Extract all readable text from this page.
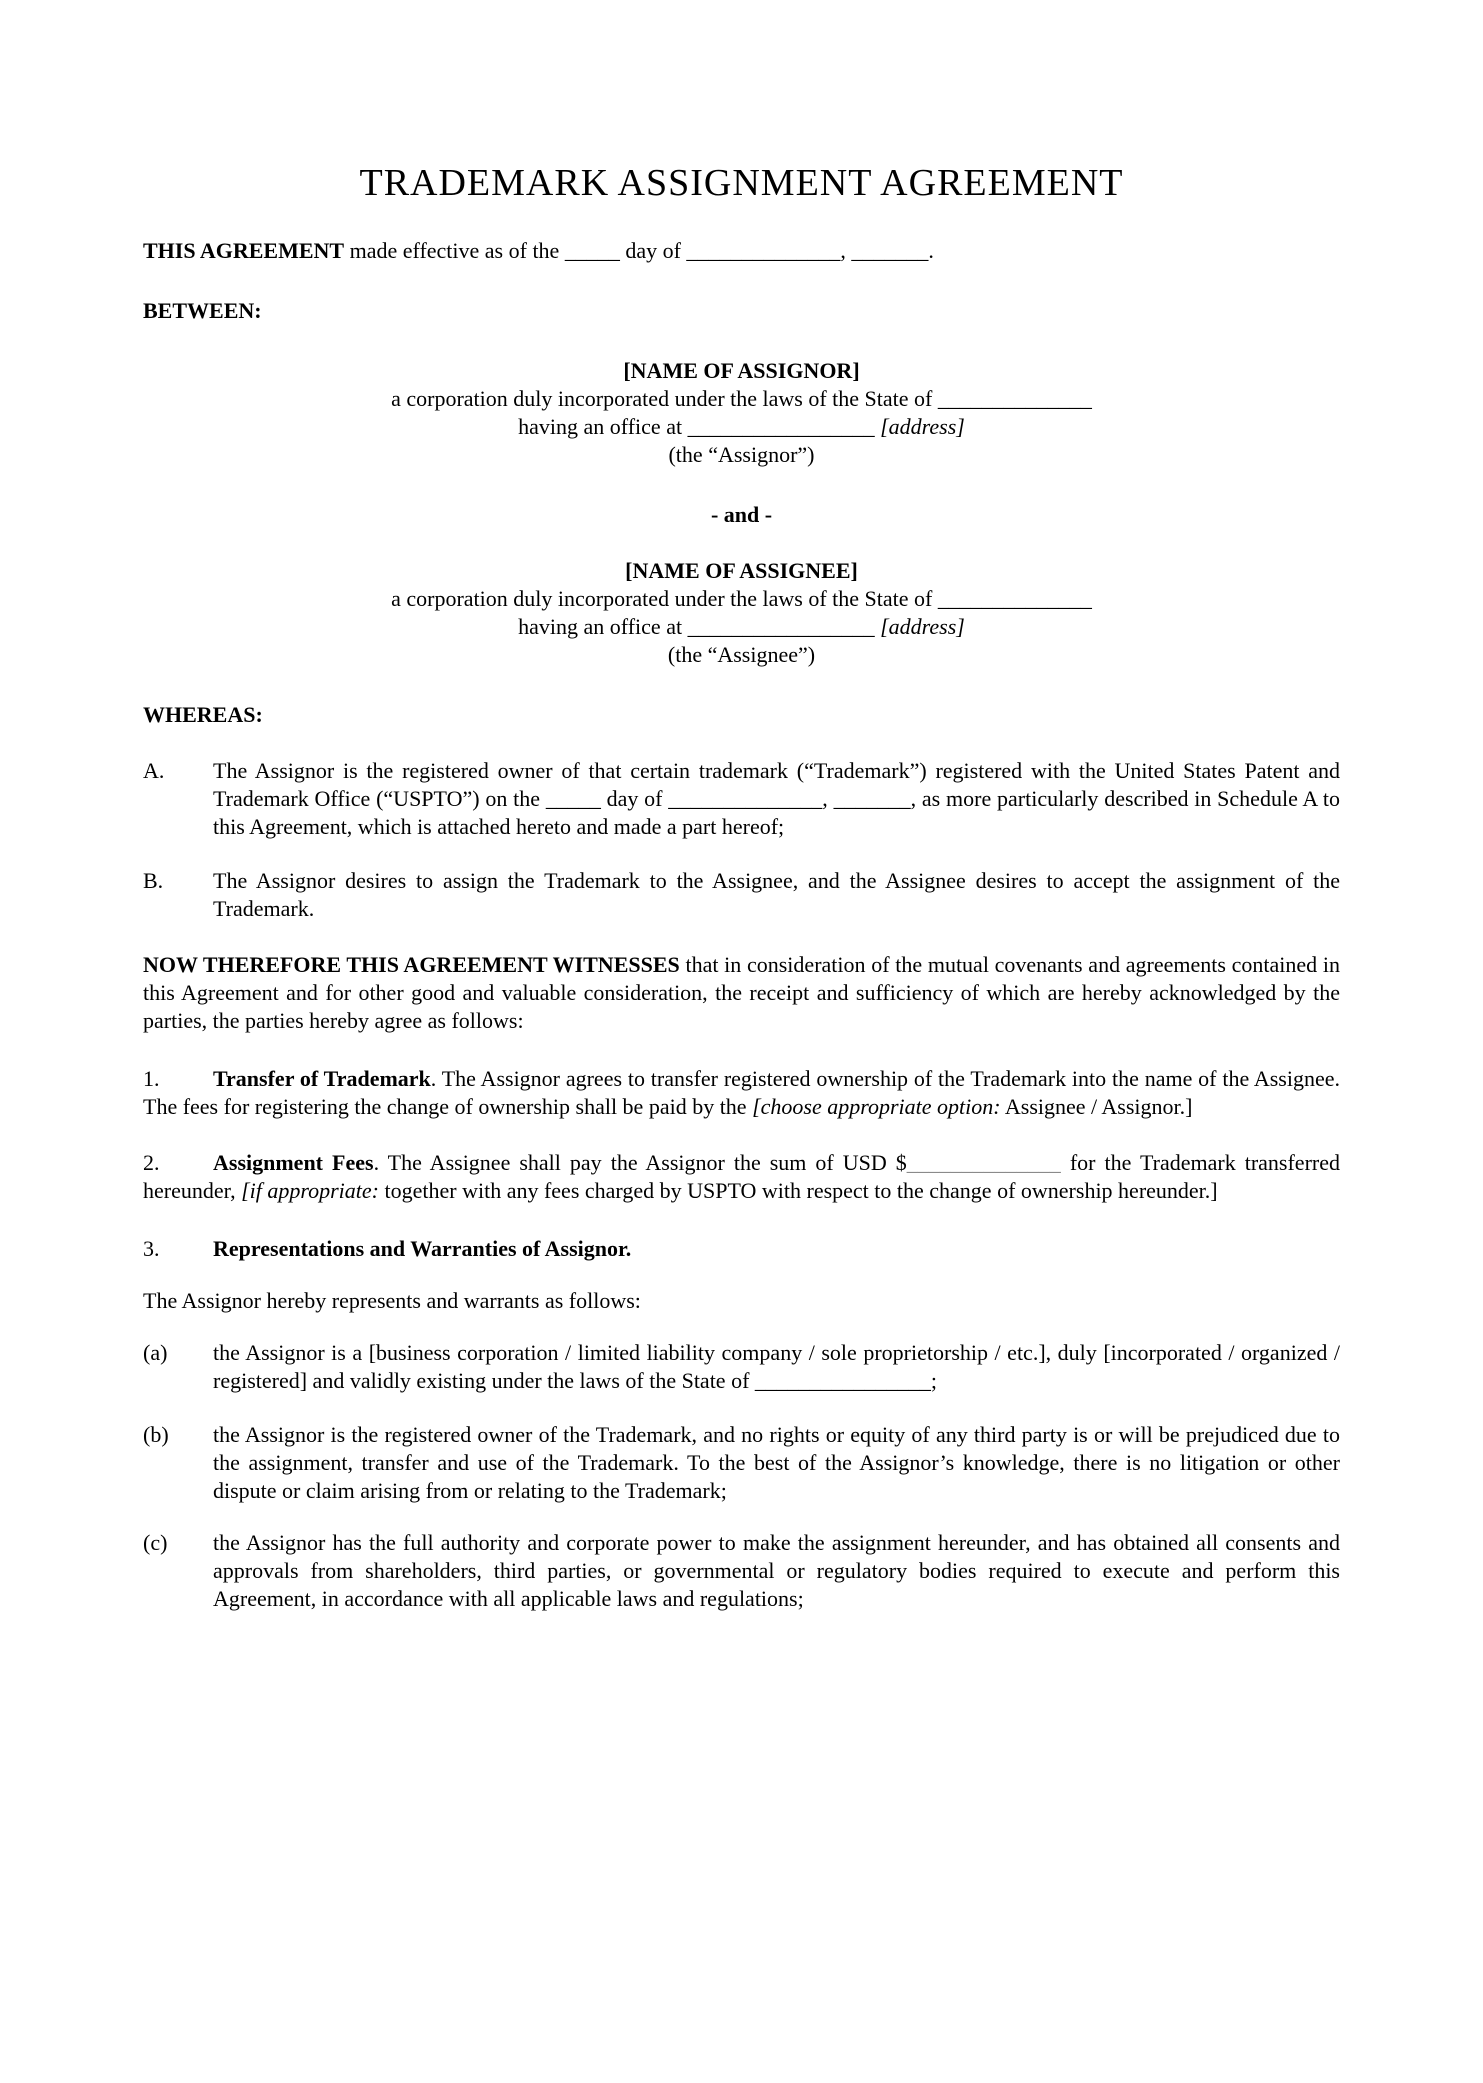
TRADEMARK ASSIGNMENT AGREEMENT

THIS AGREEMENT made effective as of the _____ day of ______________, _______.

BETWEEN:

[NAME OF ASSIGNOR]

a corporation duly incorporated under the laws of the State of ______________

having an office at _________________ [address]

(the “Assignor”)

- and -

[NAME OF ASSIGNEE]

a corporation duly incorporated under the laws of the State of ______________

having an office at _________________ [address]

(the “Assignee”)

WHEREAS:

A. The Assignor is the registered owner of that certain trademark (“Trademark”) registered with the United States Patent and Trademark Office (“USPTO”) on the _____ day of ______________, _______, as more particularly described in Schedule A to this Agreement, which is attached hereto and made a part hereof;
B. The Assignor desires to assign the Trademark to the Assignee, and the Assignee desires to accept the assignment of the Trademark.

NOW THEREFORE THIS AGREEMENT WITNESSES that in consideration of the mutual covenants and agreements contained in this Agreement and for other good and valuable consideration, the receipt and sufficiency of which are hereby acknowledged by the parties, the parties hereby agree as follows:

1. Transfer of Trademark. The Assignor agrees to transfer registered ownership of the Trademark into the name of the Assignee. The fees for registering the change of ownership shall be paid by the [choose appropriate option: Assignee / Assignor.]

2. Assignment Fees. The Assignee shall pay the Assignor the sum of USD $______________ for the Trademark transferred hereunder, [if appropriate: together with any fees charged by USPTO with respect to the change of ownership hereunder.]

3. Representations and Warranties of Assignor.

The Assignor hereby represents and warrants as follows:

(a) the Assignor is a [business corporation / limited liability company / sole proprietorship / etc.], duly [incorporated / organized / registered] and validly existing under the laws of the State of ________________;
(b) the Assignor is the registered owner of the Trademark, and no rights or equity of any third party is or will be prejudiced due to the assignment, transfer and use of the Trademark. To the best of the Assignor’s knowledge, there is no litigation or other dispute or claim arising from or relating to the Trademark;
(c) the Assignor has the full authority and corporate power to make the assignment hereunder, and has obtained all consents and approvals from shareholders, third parties, or governmental or regulatory bodies required to execute and perform this Agreement, in accordance with all applicable laws and regulations;
